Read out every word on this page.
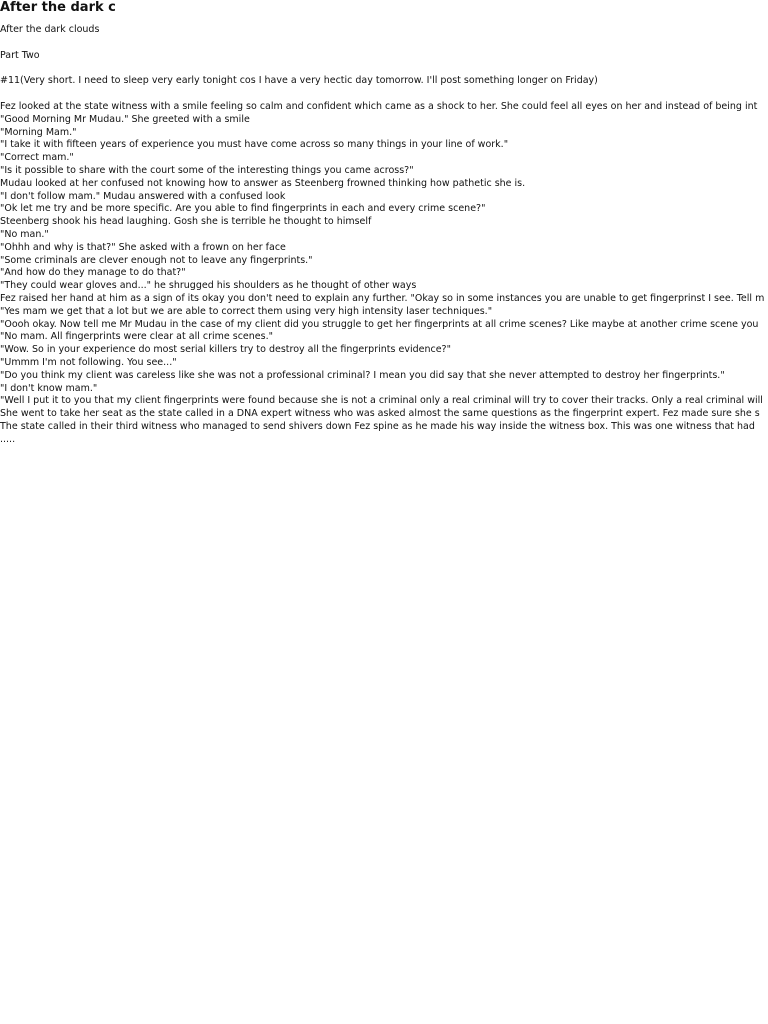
After the dark c

After the dark clouds

Part Two

#11(Very short. I need to sleep very early tonight cos I have a very hectic day tomorrow. I'll post something longer on Friday)

Fez looked at the state witness with a smile feeling so calm and confident which came as a shock to her. She could feel all eyes on her and instead of being int
"Good Morning Mr Mudau." She greeted with a smile
"Morning Mam."
"I take it with fifteen years of experience you must have come across so many things in your line of work."
"Correct mam."
"Is it possible to share with the court some of the interesting things you came across?"
Mudau looked at her confused not knowing how to answer as Steenberg frowned thinking how pathetic she is.
"I don't follow mam." Mudau answered with a confused look
"Ok let me try and be more specific. Are you able to find fingerprints in each and every crime scene?"
Steenberg shook his head laughing. Gosh she is terrible he thought to himself
"No man."
"Ohhh and why is that?" She asked with a frown on her face
"Some criminals are clever enough not to leave any fingerprints."
"And how do they manage to do that?"
"They could wear gloves and..." he shrugged his shoulders as he thought of other ways
Fez raised her hand at him as a sign of its okay you don't need to explain any further. "Okay so in some instances you are unable to get fingerprinst I see. Tell m
"Yes mam we get that a lot but we are able to correct them using very high intensity laser techniques."
"Oooh okay. Now tell me Mr Mudau in the case of my client did you struggle to get her fingerprints at all crime scenes? Like maybe at another crime scene you
"No mam. All fingerprints were clear at all crime scenes."
"Wow. So in your experience do most serial killers try to destroy all the fingerprints evidence?"
"Ummm I'm not following. You see..."
"Do you think my client was careless like she was not a professional criminal? I mean you did say that she never attempted to destroy her fingerprints."
"I don't know mam."
"Well I put it to you that my client fingerprints were found because she is not a criminal only a real criminal will try to cover their tracks. Only a real criminal will
She went to take her seat as the state called in a DNA expert witness who was asked almost the same questions as the fingerprint expert. Fez made sure she s
The state called in their third witness who managed to send shivers down Fez spine as he made his way inside the witness box. This was one witness that had
.....
